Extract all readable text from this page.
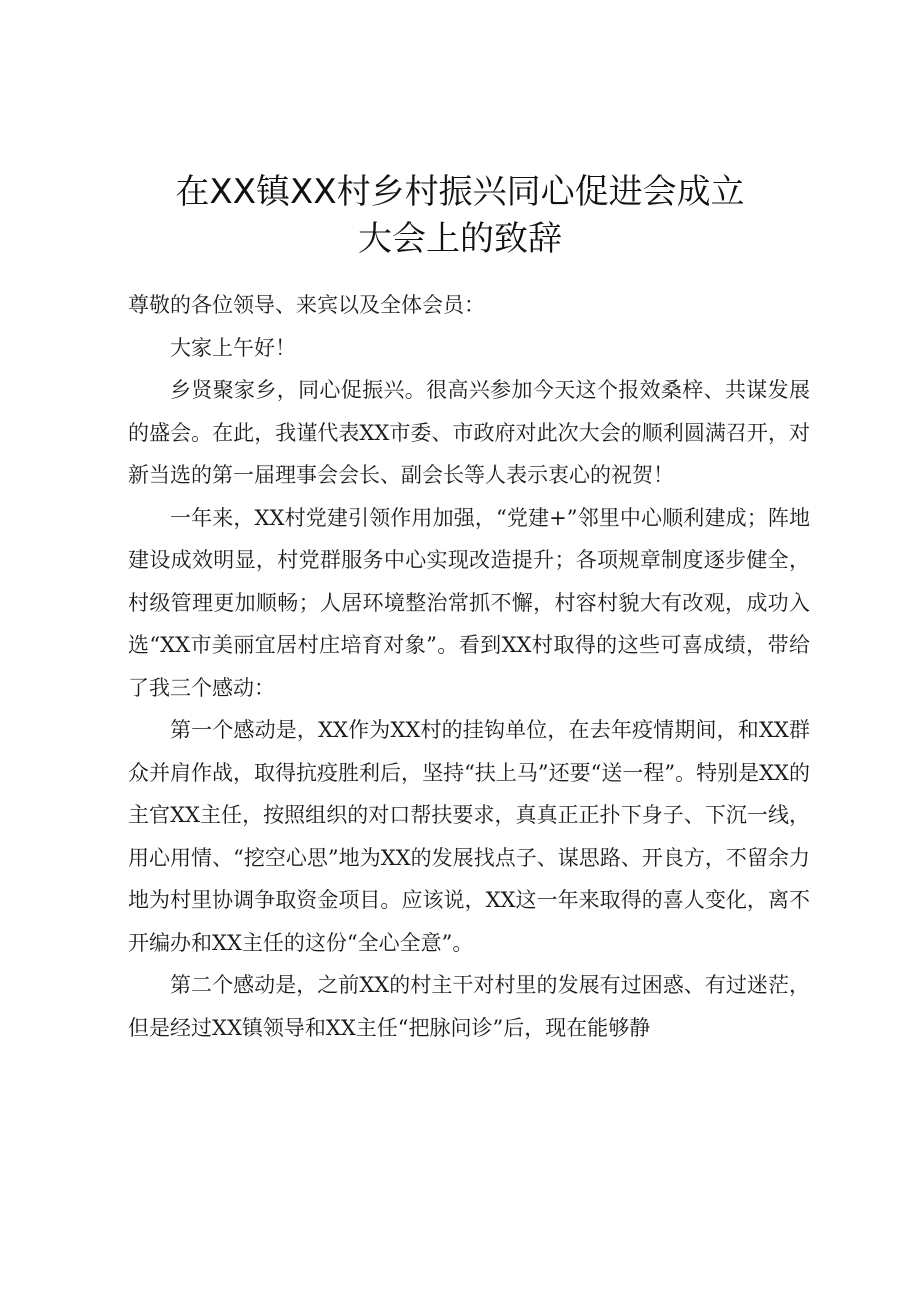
在XX镇XX村乡村振兴同心促进会成立
大会上的致辞

尊敬的各位领导、来宾以及全体会员：

大家上午好！

乡贤聚家乡，同心促振兴。很高兴参加今天这个报效桑梓、共谋发展的盛会。在此，我谨代表XX市委、市政府对此次大会的顺利圆满召开，对新当选的第一届理事会会长、副会长等人表示衷心的祝贺！

一年来，XX村党建引领作用加强，“党建+”邻里中心顺利建成；阵地建设成效明显，村党群服务中心实现改造提升；各项规章制度逐步健全，村级管理更加顺畅；人居环境整治常抓不懈，村容村貌大有改观，成功入选“XX市美丽宜居村庄培育对象”。看到XX村取得的这些可喜成绩，带给了我三个感动：

第一个感动是，XX作为XX村的挂钩单位，在去年疫情期间，和XX群众并肩作战，取得抗疫胜利后，坚持“扶上马”还要“送一程”。特别是XX的主官XX主任，按照组织的对口帮扶要求，真真正正扑下身子、下沉一线，用心用情、“挖空心思”地为XX的发展找点子、谋思路、开良方，不留余力地为村里协调争取资金项目。应该说，XX这一年来取得的喜人变化，离不开编办和XX主任的这份“全心全意”。

第二个感动是，之前XX的村主干对村里的发展有过困惑、有过迷茫，但是经过XX镇领导和XX主任“把脉问诊”后，现在能够静
